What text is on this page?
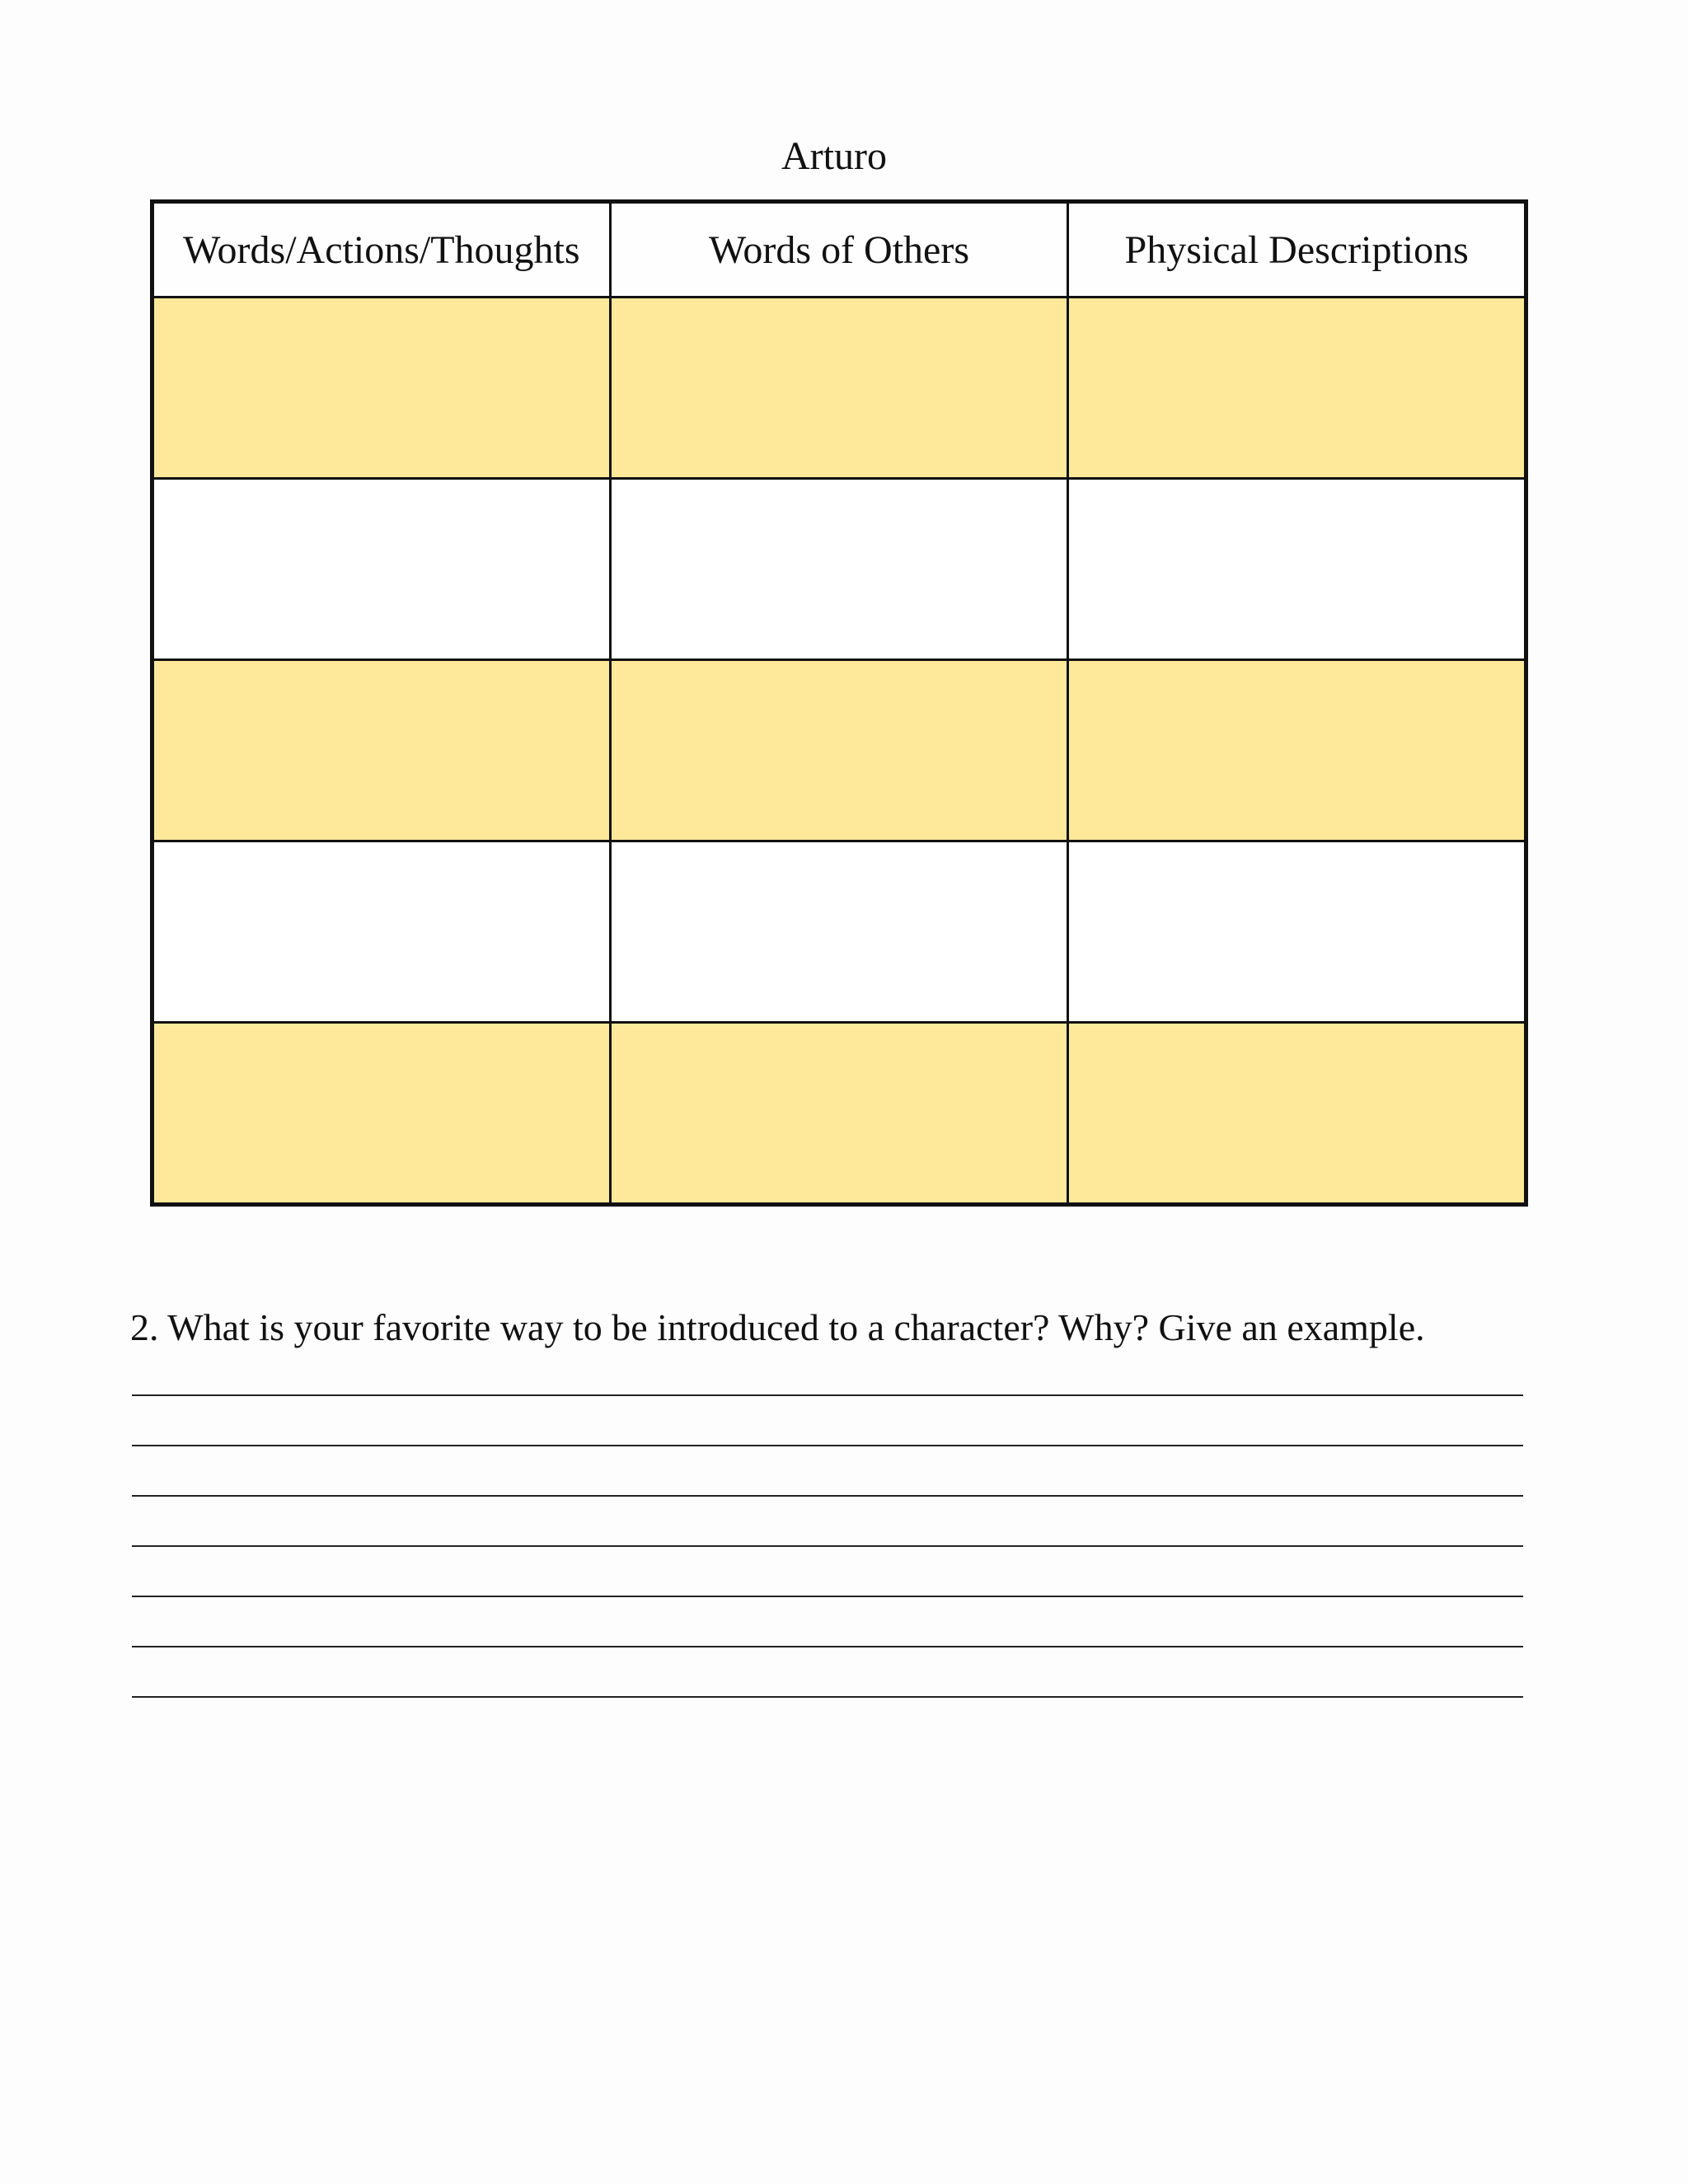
Arturo
Words/Actions/Thoughts	Words of Others	Physical Descriptions

2. What is your favorite way to be introduced to a character? Why? Give an example.
